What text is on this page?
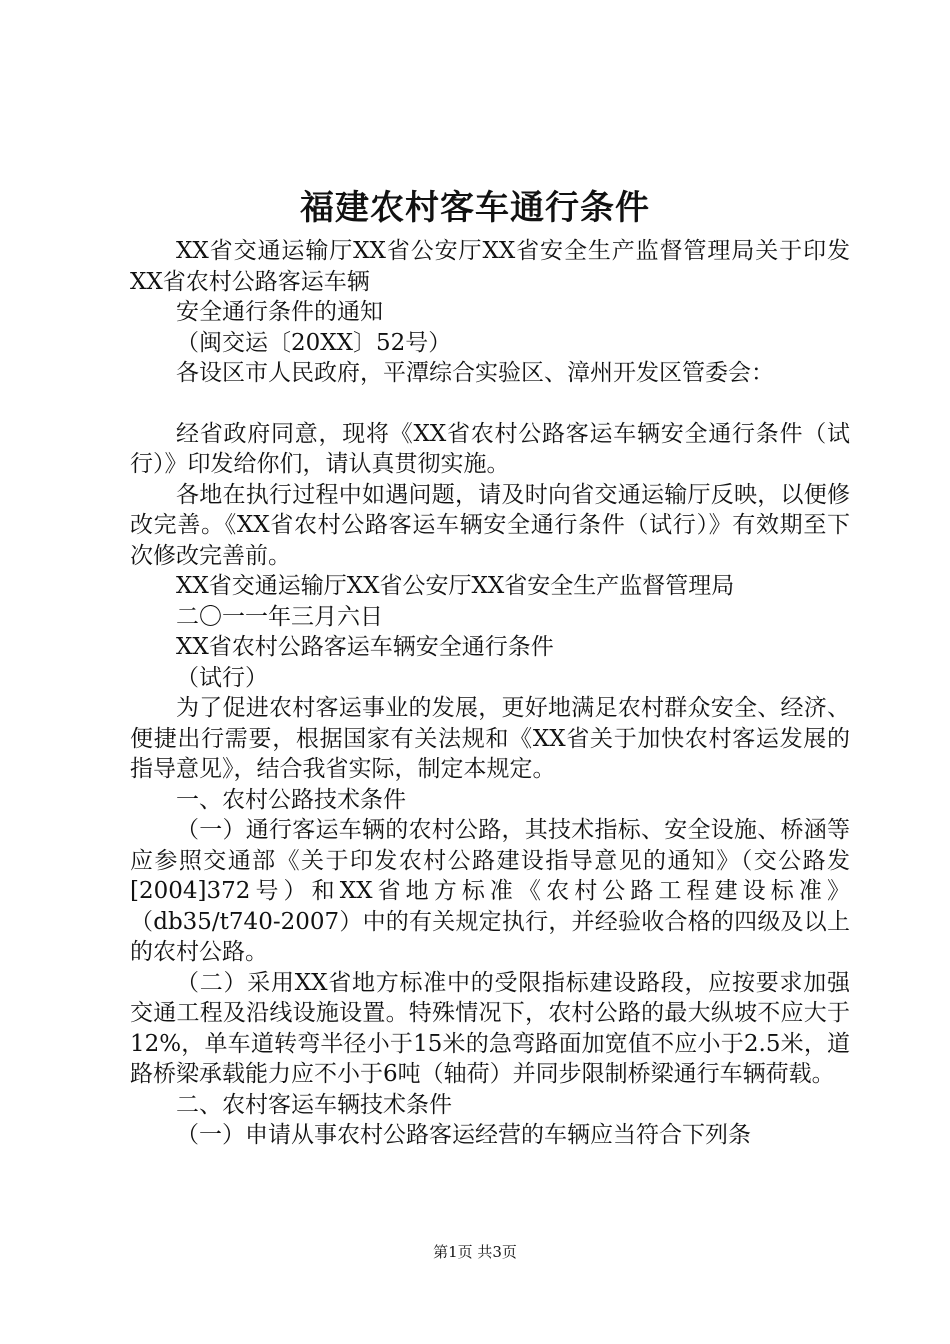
福建农村客车通行条件

XX省交通运输厅XX省公安厅XX省安全生产监督管理局关于印发XX省农村公路客运车辆

安全通行条件的通知

（闽交运〔20XX〕52号）

各设区市人民政府，平潭综合实验区、漳州开发区管委会：

经省政府同意，现将《XX省农村公路客运车辆安全通行条件（试行）》印发给你们，请认真贯彻实施。

各地在执行过程中如遇问题，请及时向省交通运输厅反映，以便修改完善。《XX省农村公路客运车辆安全通行条件（试行）》有效期至下次修改完善前。

XX省交通运输厅XX省公安厅XX省安全生产监督管理局

二〇一一年三月六日

XX省农村公路客运车辆安全通行条件

（试行）

为了促进农村客运事业的发展，更好地满足农村群众安全、经济、便捷出行需要，根据国家有关法规和《XX省关于加快农村客运发展的指导意见》，结合我省实际，制定本规定。

一、农村公路技术条件

（一）通行客运车辆的农村公路，其技术指标、安全设施、桥涵等应参照交通部《关于印发农村公路建设指导意见的通知》（交公路发[2004]372号）和XX省地方标准《农村公路工程建设标准》（db35/t740-2007）中的有关规定执行，并经验收合格的四级及以上的农村公路。

（二）采用XX省地方标准中的受限指标建设路段，应按要求加强交通工程及沿线设施设置。特殊情况下，农村公路的最大纵坡不应大于12%，单车道转弯半径小于15米的急弯路面加宽值不应小于2.5米，道路桥梁承载能力应不小于6吨（轴荷）并同步限制桥梁通行车辆荷载。

二、农村客运车辆技术条件

（一）申请从事农村公路客运经营的车辆应当符合下列条

第1页 共3页
